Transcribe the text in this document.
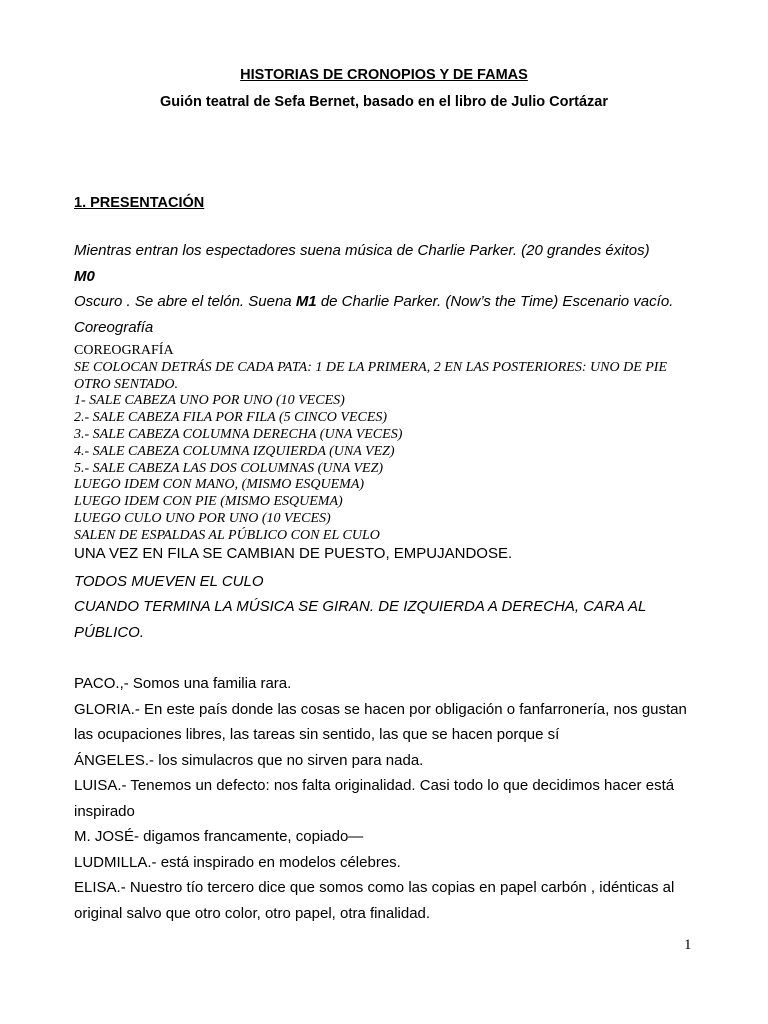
HISTORIAS DE CRONOPIOS Y DE FAMAS
Guión teatral de Sefa Bernet, basado en el libro de Julio Cortázar
1. PRESENTACIÓN
Mientras entran los espectadores suena música de Charlie Parker. (20 grandes éxitos)
M0
Oscuro . Se abre el telón. Suena M1 de Charlie Parker. (Now’s the Time) Escenario vacío. Coreografía
COREOGRAFÍA
SE COLOCAN DETRÁS DE CADA PATA: 1 DE LA PRIMERA, 2 EN LAS POSTERIORES: UNO DE PIE OTRO SENTADO.
1- SALE CABEZA UNO POR UNO (10 VECES)
2.- SALE CABEZA FILA POR FILA (5 CINCO VECES)
3.- SALE CABEZA COLUMNA DERECHA (UNA VECES)
4.- SALE CABEZA COLUMNA IZQUIERDA (UNA VEZ)
5.- SALE CABEZA LAS DOS COLUMNAS (UNA VEZ)
LUEGO IDEM CON MANO, (MISMO ESQUEMA)
LUEGO IDEM CON PIE (MISMO ESQUEMA)
LUEGO CULO UNO POR UNO (10 VECES)
SALEN DE ESPALDAS AL PÚBLICO CON EL CULO
UNA VEZ EN FILA SE CAMBIAN DE PUESTO, EMPUJANDOSE.
TODOS MUEVEN EL CULO
CUANDO TERMINA LA MÚSICA SE GIRAN. DE IZQUIERDA A DERECHA, CARA AL PÚBLICO.
PACO.,- Somos una familia rara.
GLORIA.- En este país donde las cosas se hacen por obligación o fanfarronería, nos gustan las ocupaciones libres, las tareas sin sentido, las que se hacen porque sí
ÁNGELES.- los simulacros que no sirven para nada.
LUISA.- Tenemos un defecto: nos falta originalidad. Casi todo lo que decidimos hacer está inspirado
M. JOSÉ- digamos francamente, copiado—
LUDMILLA.- está inspirado en modelos célebres.
ELISA.- Nuestro tío tercero dice que somos como las copias en papel carbón , idénticas al original salvo que otro color, otro papel, otra finalidad.
1
